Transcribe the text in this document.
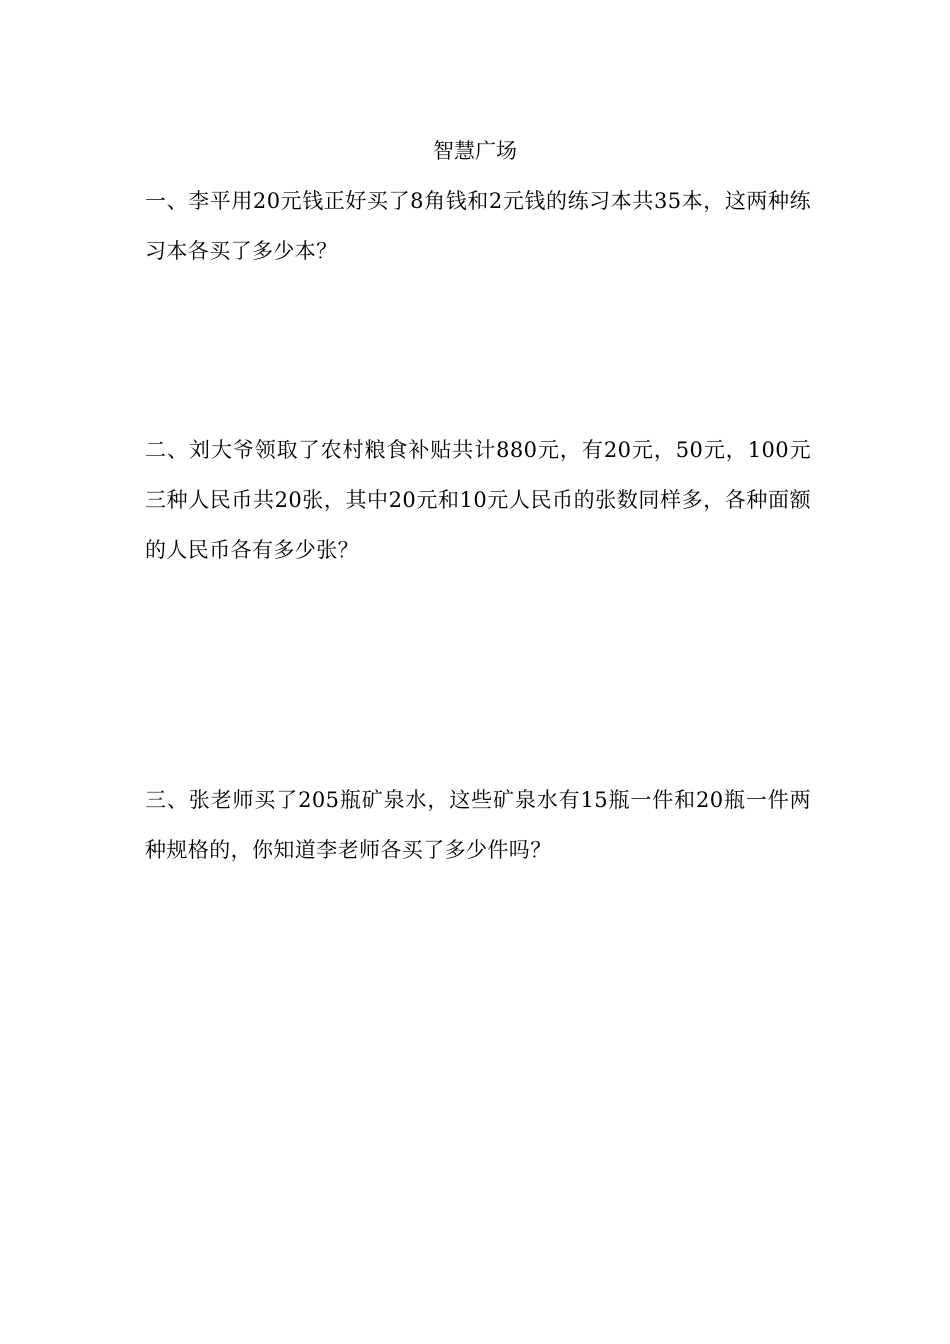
智慧广场
一、李平用20元钱正好买了8角钱和2元钱的练习本共35本，这两种练习本各买了多少本？
二、刘大爷领取了农村粮食补贴共计880元，有20元，50元，100元三种人民币共20张，其中20元和10元人民币的张数同样多，各种面额的人民币各有多少张？
三、张老师买了205瓶矿泉水，这些矿泉水有15瓶一件和20瓶一件两种规格的，你知道李老师各买了多少件吗？
